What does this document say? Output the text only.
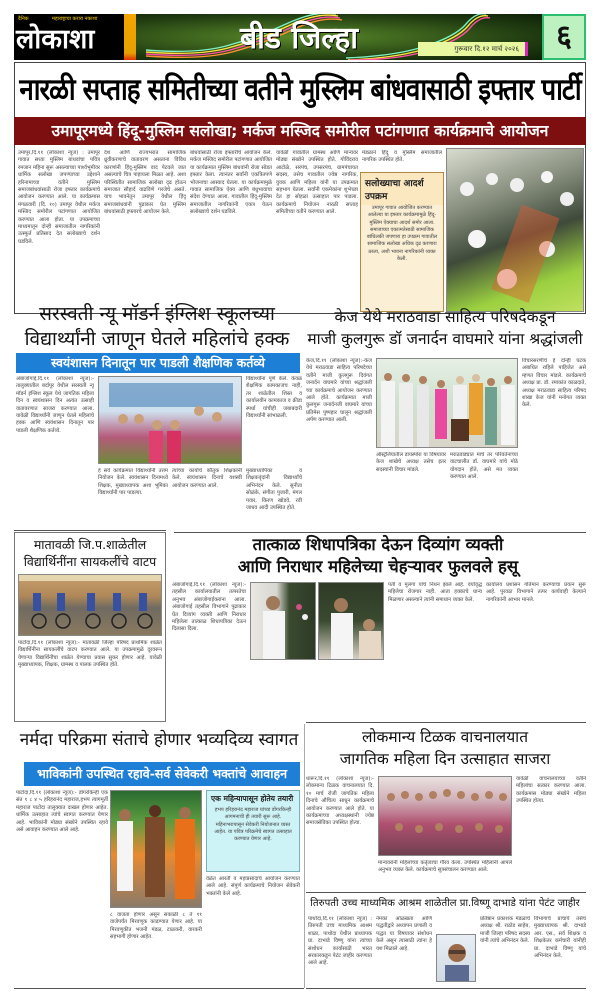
दैनिक	महाराष्ट्राचा करारा नकाशा
लोकाशा	बीड जिल्हा	गुरूवार दि.१२ मार्च २०२६	६
नारळी सप्ताह समितीच्या वतीने मुस्लिम बांधवासाठी इफ्तार पार्टी
उमापूरमध्ये हिंदू-मुस्लिम सलोखा; मर्कज मस्जिद समोरील पटांगणात कार्यक्रमाचे आयोजन

उमापूर,दि.११ (लोकाशा न्यूज) : उमापूर गावात सध्या मुस्लिम बांधवांचा पवित्र रमजान महिना सुरू असल्याच्या पार्श्वभूमीवर धार्मिक सलोखा जपण्याच्या उद्देशाने हरिनामाच्या वतीने मुस्लिम समाजबांधवांसाठी रोजा इफ्तार कार्यक्रमाचे आयोजन करण्यात आले. या कार्यक्रमास मंगळवारी (दि. १०) उमापूर येथील मर्कज मस्जिद समोरील पटांगणात आयोजित करण्यात आला होता. या उपक्रमाच्या माध्यमातून दोन्ही समाजातील नागरिकांनी उत्स्फूर्त प्रतिसाद देत सलोख्याचे दर्शन घडविले.

देश आणि राज्यभरात सामाजिक ध्रुवीकरणाचे वातावरण असताना विविध कारणांनी हिंदू-मुस्लिम वाद पेटवले जात असल्याचे चित्र पाहायला मिळत आहे. अशा परिस्थितीत सामाजिक सलोखा दृढ होऊन समाजात सौहार्द वाढविणे गरजेचे असते. याच भावनेतून उमापूर येथील हिंदू समाजबांधवांनी पुढाकार घेत मुस्लिम बांधवांसाठी इफ्तारचे आयोजन केले.

बांधवांसाठी रोजा इफ्तारीचे आयोजन केले. मर्कज मस्जिद समोरील पटांगणात आयोजित या कार्यक्रमात मुस्लिम बांधवांनी रोजा सोडत इफ्तार केला. त्यानंतर सर्वांनी एकत्रितपणे भोजनाचा आस्वाद घेतला. या कार्यक्रमामुळे गावात सामाजिक ऐक्य आणि बंधुभावाचा संदेश देण्यात आला. गावातील हिंदू-मुस्लिम समाजातील नागरिकांनी एकत्र येऊन सलोख्याचे दर्शन घडविले.

यावेळी गावातील ग्रामस्थ आणि मान्यवर मोठ्या संख्येने उपस्थित होते. गोविंदराव आटोळे, सरपंच, उपसरपंच, ग्रामपंचायत सदस्य, तसेच गावातील ज्येष्ठ नागरिक, युवक आणि महिला यांनी या उपक्रमात सहभाग घेतला. सर्वांनी एकमेकांना शुभेच्छा देत हा सोहळा उत्साहात पार पाडला. कार्यक्रमाचे नियोजन नारळी सप्ताह समितीच्या वतीने करण्यात आले.

मंडळाने हिंदू व मुस्लिम समाजातील नागरिक उपस्थित होते.

सलोख्याचा आदर्श उपक्रम
उमापूर गावात आयोजित करण्यात आलेल्या या इफ्तार कार्यक्रमामुळे हिंदू-मुस्लिम ऐक्याचा आदर्श समोर आला. समाजाच्या एकात्मतेसाठी सामाजिक बांधिलकी जपणारा हा उपक्रम गावातील सामाजिक सलोखा अधिक दृढ करणारा ठरला, अशी भावना नागरिकांनी व्यक्त केली.
सरस्वती न्यू मॉडर्न इंग्लिश स्कूलच्या
विद्यार्थ्यांनी जाणून घेतले महिलांचे हक्क
स्वयंशासन दिनातून पार पाडली शैक्षणिक कर्तव्ये

अंबाजोगाई,दि.११ (लोकाशा न्यूज):-तालुक्यातील बर्दापूर येथील सरस्वती न्यू मॉडर्न इंग्लिश स्कूल येथे जागतिक महिला दिन व स्वयंशासन दिन अत्यंत उत्साही वातावरणात साजरा करण्यात आला. यावेळी विद्यार्थ्यांनी जाणून घेतले महिलांचे हक्क आणि स्वयंशासन दिनातून पार पाडली शैक्षणिक कर्तव्ये.

विद्यार्थ्यांना पूर्ण केले. केवळ शैक्षणिक कामकाजच नाही, तर शाळेतील शिस्त व कार्यालयीन कामकाज व क्रीडा स्पर्धा यांचीही जबाबदारी विद्यार्थ्यांनी सांभाळली.

हे सर्व कार्यक्रमात विद्यार्थ्यांनी उत्तम नियोजन केले. स्वयंशासन दिनामध्ये शिक्षक, मुख्याध्यापक अशा भूमिका विद्यार्थ्यांनी पार पाडल्या.

त्यांच्या कार्याचे कौतुक शिक्षकांनी केले. स्वयंशासन दिनाचे यशस्वी आयोजन करण्यात आले.

मुख्याध्यापिका व शिक्षकवृंदांनी विद्यार्थ्यांचे अभिनंदन केले. सुनीता सोळंके, संगीता पुजारी, मंगल पवार, किरण खोडवे, रवी जाधव आदी उपस्थित होते.

केज येथे मराठवाडा साहित्य परिषदेकडून
माजी कुलगुरू डॉ जनार्दन वाघमारे यांना श्रद्धांजली

केज,दि.११ (लोकाशा न्यूज):-केज येथे मराठवाडा साहित्य परिषदेच्या वतीने माजी कुलगुरू दिवंगत जनार्दन वाघमारे यांच्या श्रद्धांजली च्या कार्यक्रमाचे आयोजन करण्यात आले होते. कार्यक्रमात माजी कुलगुरू जनार्दनजी वाघमारे यांच्या प्रतिमेस पुष्पहार घालून श्रद्धांजली अर्पण करण्यात आली.

विचारसरणीचे हे दोन्ही घटक अबाधित राहिले पाहिजेत असे म्हणत विचार मांडले. कार्यक्रमाचे अध्यक्ष प्रा. डॉ. रमाकांत काळदाते, अध्यक्ष मराठवाडा साहित्य परिषद शाखा केज यांनी मनोगत व्यक्त केले.

ऑस्ट्रेलियातील डायस्पोरा या विषयावर केज शाखेचे अध्यक्ष तसेच इतर सदस्यांनी विचार मांडले.

मराठवाड्यात मार्च तर परिवर्तनाच्या वाटचालीत डॉ. वाघमारे यांचे मोठे योगदान होते, असे मत व्यक्त करण्यात आले.

मातावळी जि.प.शाळेतील
विद्यार्थिनींना सायकलींचे वाटप

पाटोदा,दि.११ (लोकाशा न्यूज):- मातावळी जिल्हा परिषद प्राथमिक शाळेत विद्यार्थिनींना सायकलींचे वाटप करण्यात आले. या उपक्रमामुळे दूरवरून येणाऱ्या विद्यार्थिनींचा शाळेत येण्याचा प्रवास सुकर होणार आहे. यावेळी मुख्याध्यापक, शिक्षक, ग्रामस्थ व पालक उपस्थित होते.

तात्काळ शिधापत्रिका देऊन दिव्यांग व्यक्ती
आणि निराधार महिलेच्या चेहऱ्यावर फुलवले हसू

अंबाजोगाई,दि.११ (लोकाशा न्यूज):- तहसील कार्यालयातील तत्परतेचा अनुभव अंबाजोगाईकरांना आला. अंबाजोगाई तहसील विभागाने पुढाकार घेत दिव्यांग व्यक्ती आणि निराधार महिलेला तात्काळ शिधापत्रिका देऊन दिलासा दिला.

पती व मुलगा यांचे निधन झाले आहे. वयोवृद्ध महिलेचा रोजगार नाही. आता हक्काचे धान्य मिळणार असल्याने त्यांनी समाधान व्यक्त केले.

कार्यालय प्रशासन गतिमान करण्याचा प्रयत्न सुरू आहे. पुरवठा विभागाने तत्पर कार्यवाही केल्याने नागरिकांनी आभार मानले.

नर्मदा परिक्रमा संताचे होणार भव्यदिव्य स्वागत
भाविकांनी उपस्थित रहावे-सर्व सेवेकरी भक्तांचे आवाहन

पाटोदा,दि.११ (लोकाशा न्यूज):- डोंगरकिन्ही एक संत १ ८ ४ ५ हरिहरानंद महाराज,हभप त्यागमूर्ती महाराज पाटोदा तालुक्यात दाखल होणार आहेत. धार्मिक उत्साहात त्यांचे स्वागत करण्यात येणार आहे. भाविकांनी मोठ्या संख्येने उपस्थित रहावे असे आवाहन करण्यात आले आहे.

एक महिन्यापासून होतेय तयारी
हभप हरिहरानंद महाराज यांच्या डोंगरकिन्ही आगमनाची ही तयारी सुरू आहे. महिनाभरापासून सेवेकरी नियोजनात व्यस्त आहेत. या पवित्र परिक्रमेचे स्वागत उत्साहात करण्यात येणार आहे.

वेळेत आरती व महाप्रसादाचे आयोजन करण्यात आले आहे. संपूर्ण कार्यक्रमाचे नियोजन सेवेकरी भक्तांनी केले आहे.

८ वाजता होणार असून सकाळी ८ ते ११ वाजेपर्यंत मिरवणूक काढण्यात येणार आहे. या मिरवणुकीत भजनी मंडळ, टाळकरी, वारकरी सहभागी होणार आहेत.

लोकमान्य टिळक वाचनालयात
जागतिक महिला दिन उत्साहात साजरा

धारूर,दि.११ (लोकाशा न्यूज):- लोकमान्य टिळक वाचनालयात दि. १० मार्च रोजी जागतिक महिला दिनाचे औचित्य साधून कार्यक्रमाचे आयोजन करण्यात आले होते. या कार्यक्रमाच्या अध्यक्षस्थानी ज्येष्ठ समाजसेविका उपस्थित होत्या.

मान्यवरांनी महिलांच्या कर्तृत्वाचा गौरव केला. उपस्थित महिलांनी आपले अनुभव व्यक्त केले. कार्यक्रमाचे सूत्रसंचालन करण्यात आले.

यावेळी वाचनालयाच्या वतीने महिलांचा सत्कार करण्यात आला. कार्यक्रमास मोठ्या संख्येने महिला उपस्थित होत्या.

तिरुपती उच्च माध्यमिक आश्रम शाळेतील प्रा.विष्णू दाभाडे यांना पेटंट जाहीर

पाथोदा,दि.११ (लोकाशा न्यूज) : तिरुपती उच्च माध्यमिक आश्रम शाळा, पाथोदा येथील प्राध्यापक प्रा. दाभाडे विष्णू यांना त्यांच्या संशोधन कार्यासाठी भारत सरकारकडून पेटंट जाहीर करण्यात आले आहे.

नेमका ओळखता आणि पद्धतीद्वारे अध्यापन प्रणाली व पद्धत या विषयावर संशोधन केले असून त्यासाठी त्यांना हे यश मिळाले आहे.

प्रतिष्ठान प्रकाशक मंडळाचे अध्यक्ष श्री. राठोड साहेब, माजी जिल्हा परिषद सदस्य यांनी त्यांचे अभिनंदन केले.

विभागाचे प्राचार्य तसेच मुख्याध्यापक श्री. दाभाडे आर. एस., सर्व शिक्षक व शिक्षकेतर कर्मचारी यांनीही प्रा. दाभाडे विष्णू यांचे अभिनंदन केले.
